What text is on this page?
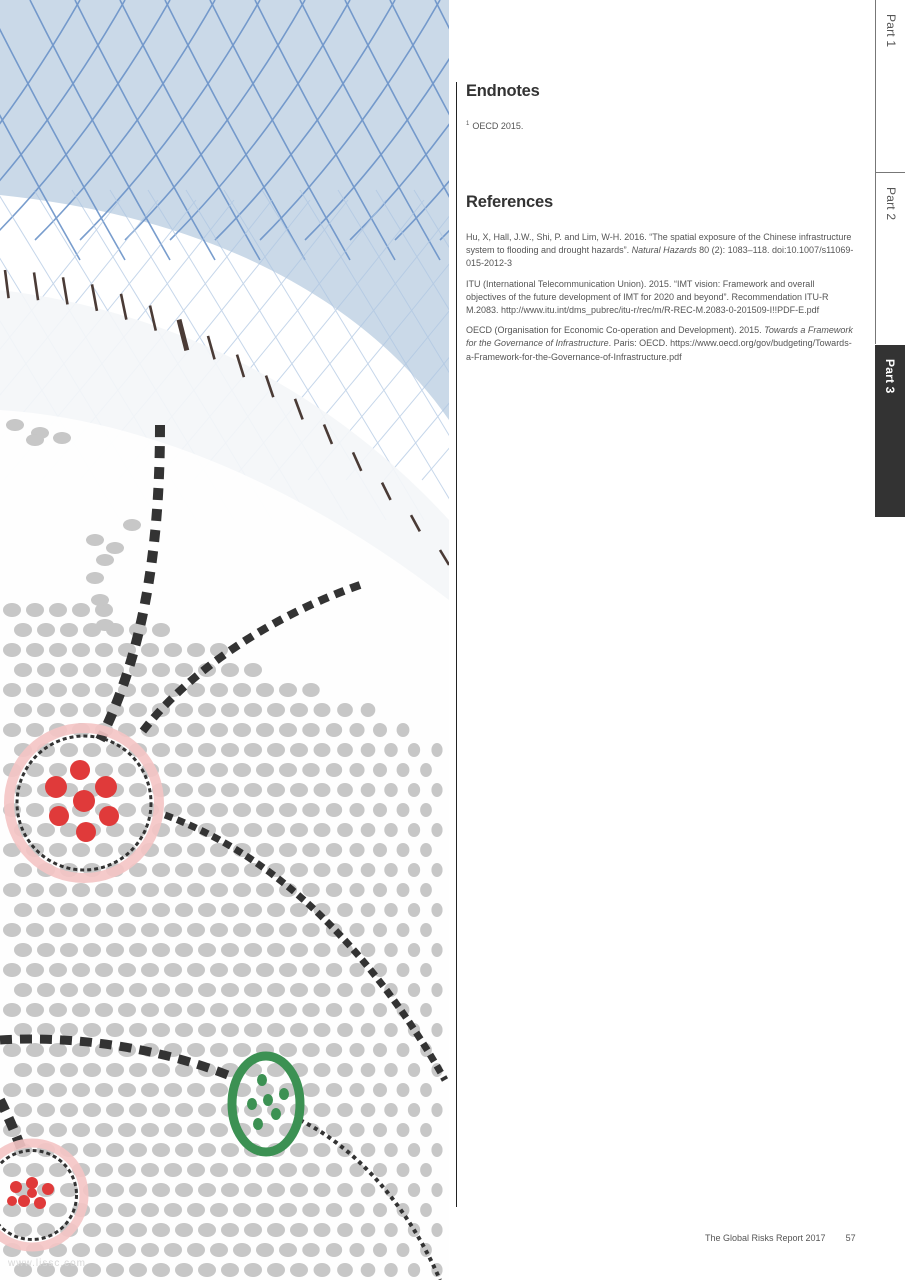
Endnotes
$^1$ OECD 2015.
References

Hu, X, Hall, J.W., Shi, P. and Lim, W-H. 2016. “The spatial exposure of the Chinese infrastructure system to flooding and drought hazards”. Natural Hazards 80 (2): 1083–118. doi:10.1007/s11069-015-2012-3

ITU (International Telecommunication Union). 2015. “IMT vision: Framework and overall objectives of the future development of IMT for 2020 and beyond”. Recommendation ITU-R M.2083. http://www.itu.int/dms_pubrec/itu-r/rec/m/R-REC-M.2083-0-201509-I!!PDF-E.pdf

OECD (Organisation for Economic Co-operation and Development). 2015. Towards a Framework for the Governance of Infrastructure. Paris: OECD. https://www.oecd.org/gov/budgeting/Towards-a-Framework-for-the-Governance-of-Infrastructure.pdf

Part 1
Part 2
Part 3
The Global Risks Report 2017 57
www.lissc.com
